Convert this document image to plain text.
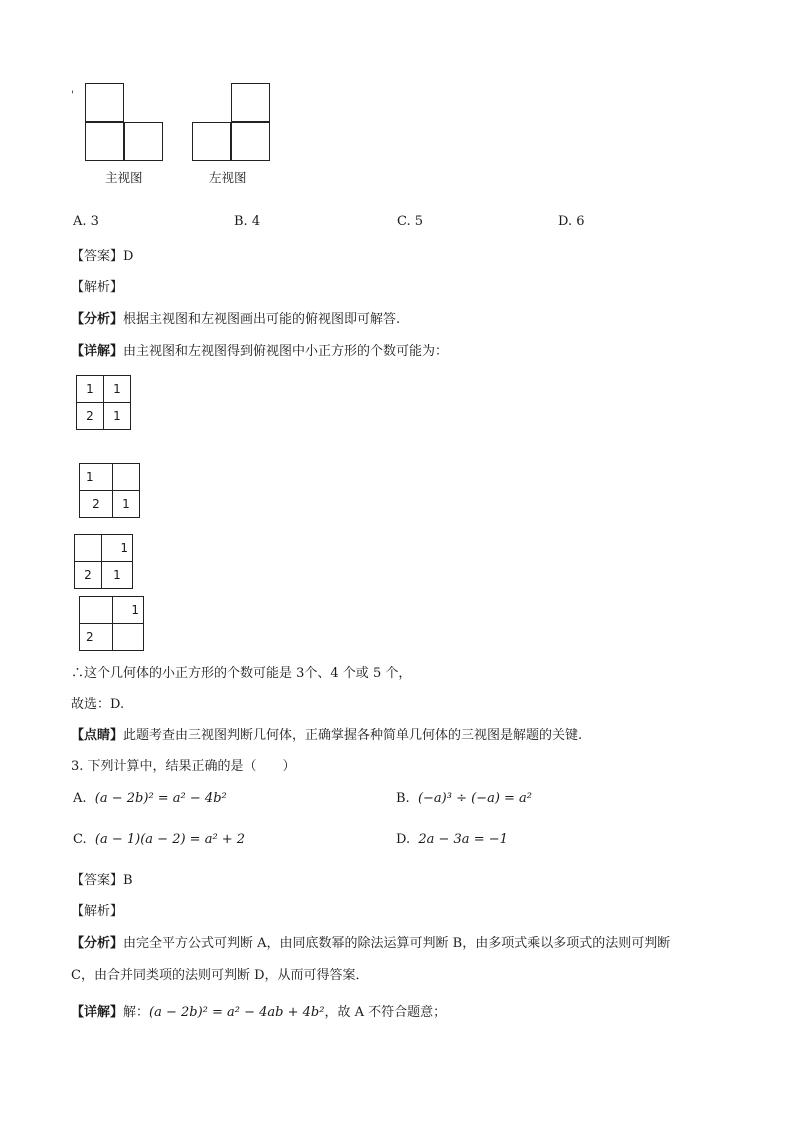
'
主视图	左视图
A. 3	B. 4	C. 5	D. 6
【答案】D
【解析】
【分析】根据主视图和左视图画出可能的俯视图即可解答.
【详解】由主视图和左视图得到俯视图中小正方形的个数可能为：
1	1
2	1
1	
2	1
	1
2	1
	1
2	
∴这个几何体的小正方形的个数可能是 3个、4 个或 5 个，
故选：D.
【点睛】此题考查由三视图判断几何体，正确掌握各种简单几何体的三视图是解题的关键.
3. 下列计算中，结果正确的是（　　）
A. (a − 2b)² = a² − 4b²	B. (−a)³ ÷ (−a) = a²
C. (a − 1)(a − 2) = a² + 2	D. 2a − 3a = −1
【答案】B
【解析】
【分析】由完全平方公式可判断 A，由同底数幂的除法运算可判断 B，由多项式乘以多项式的法则可判断
C，由合并同类项的法则可判断 D，从而可得答案．
【详解】解：(a − 2b)² = a² − 4ab + 4b²，故 A 不符合题意；
